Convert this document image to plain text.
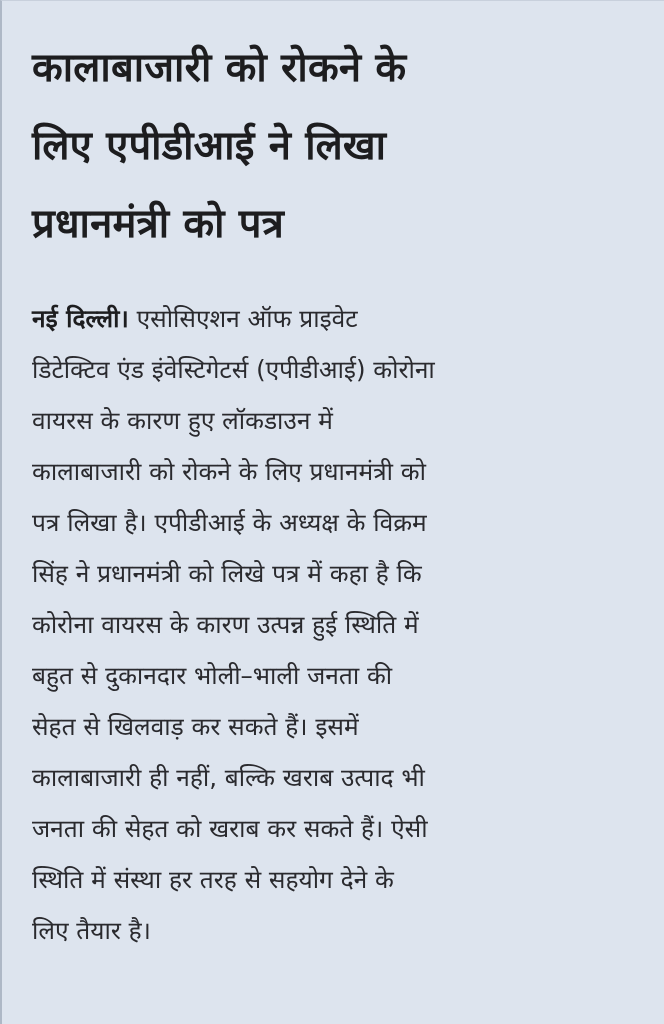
कालाबाजारी को रोकने के
लिए एपीडीआई ने लिखा
प्रधानमंत्री को पत्र
नई दिल्ली। एसोसिएशन ऑफ प्राइवेट
डिटेक्टिव एंड इंवेस्टिगेटर्स (एपीडीआई) कोरोना
वायरस के कारण हुए लॉकडाउन में
कालाबाजारी को रोकने के लिए प्रधानमंत्री को
पत्र लिखा है। एपीडीआई के अध्यक्ष के विक्रम
सिंह ने प्रधानमंत्री को लिखे पत्र में कहा है कि
कोरोना वायरस के कारण उत्पन्न हुई स्थिति में
बहुत से दुकानदार भोली–भाली जनता की
सेहत से खिलवाड़ कर सकते हैं। इसमें
कालाबाजारी ही नहीं, बल्कि खराब उत्पाद भी
जनता की सेहत को खराब कर सकते हैं। ऐसी
स्थिति में संस्था हर तरह से सहयोग देने के
लिए तैयार है।
